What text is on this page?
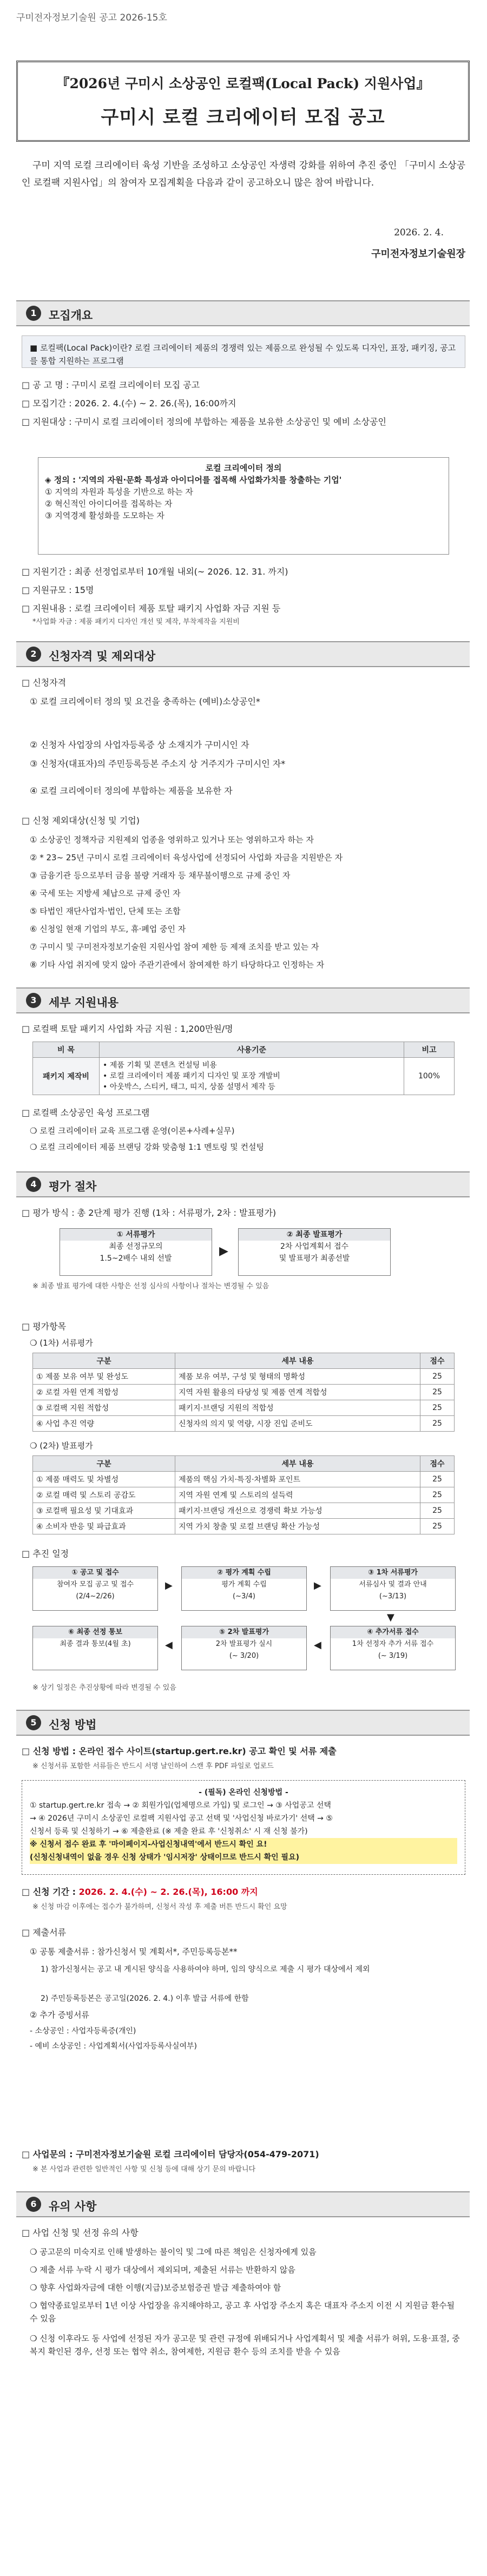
구미전자정보기술원 공고 2026-15호
『2026년 구미시 소상공인 로컬팩(Local Pack) 지원사업』
구미시 로컬 크리에이터 모집 공고
구미 지역 로컬 크리에이터 육성 기반을 조성하고 소상공인 자생력 강화를 위하여 추진 중인 「구미시 소상공인 로컬팩 지원사업」의 참여자 모집계획을 다음과 같이 공고하오니 많은 참여 바랍니다.
2026. 2. 4.
구미전자정보기술원장
1	모집개요
■ 로컬팩(Local Pack)이란? 로컬 크리에이터 제품의 경쟁력 있는 제품으로 완성될 수 있도록 디자인, 표장, 패키징, 공고를 통합 지원하는 프로그램
□ 공 고 명 : 구미시 로컬 크리에이터 모집 공고
□ 모집기간 : 2026. 2. 4.(수) ~ 2. 26.(목), 16:00까지
□ 지원대상 : 구미시 로컬 크리에이터 정의에 부합하는 제품을 보유한 소상공인 및 예비 소상공인
로컬 크리에이터 정의
◈ 정의 : '지역의 자원·문화 특성과 아이디어를 접목해 사업화가치를 창출하는 기업'
① 지역의 자원과 특성을 기반으로 하는 자
② 혁신적인 아이디어를 접목하는 자
③ 지역경제 활성화를 도모하는 자
□ 지원기간 : 최종 선정업로부터 10개월 내외(~ 2026. 12. 31. 까지)
□ 지원규모 : 15명
□ 지원내용 : 로컬 크리에이터 제품 토탈 패키지 사업화 자금 지원 등
*사업화 자금 : 제품 패키지 디자인 개선 및 제작, 부착제작을 지원비
2	신청자격 및 제외대상
□ 신청자격
① 로컬 크리에이터 정의 및 요건을 충족하는 (예비)소상공인*
② 신청자 사업장의 사업자등록증 상 소재지가 구미시인 자
③ 신청자(대표자)의 주민등록등본 주소지 상 거주지가 구미시인 자*
④ 로컬 크리에이터 정의에 부합하는 제품을 보유한 자
□ 신청 제외대상(신청 및 기업)
① 소상공인 정책자금 지원제외 업종을 영위하고 있거나 또는 영위하고자 하는 자
② * 23~ 25년 구미시 로컬 크리에이터 육성사업에 선정되어 사업화 자금을 지원받은 자
③ 금융기관 등으로부터 금융 불량 거래자 등 채무불이행으로 규제 중인 자
④ 국세 또는 지방세 체납으로 규제 중인 자
⑤ 타법인 재단사업자·법인, 단체 또는 조합
⑥ 신청일 현재 기업의 부도, 휴·폐업 중인 자
⑦ 구미시 및 구미전자정보기술원 지원사업 참여 제한 등 제재 조치를 받고 있는 자
⑧ 기타 사업 취지에 맞지 않아 주관기관에서 참여제한 하기 타당하다고 인정하는 자
3	세부 지원내용
□ 로컬팩 토탈 패키지 사업화 자금 지원 : 1,200만원/명
비 목	사용기준	비고
패키지 제작비	• 제품 기획 및 콘텐츠 컨설팅 비용
• 로컬 크리에이터 제품 패키지 디자인 및 포장 개발비
• 아웃박스, 스티커, 태그, 띠지, 상품 설명서 제작 등	100%
□ 로컬팩 소상공인 육성 프로그램
❍ 로컬 크리에이터 교육 프로그램 운영(이론+사례+실무)
❍ 로컬 크리에이터 제품 브랜딩 강화 맞춤형 1:1 멘토링 및 컨설팅
4	평가 절차
□ 평가 방식 : 총 2단계 평가 진행 (1차 : 서류평가, 2차 : 발표평가)
① 서류평가
최종 선정규모의
1.5~2배수 내외 선발
▶
② 최종 발표평가
2차 사업계획서 접수
및 발표평가 최종선발
※ 최종 발표 평가에 대한 사항은 선정 심사의 사항이나 절차는 변경될 수 있음
□ 평가항목
❍ (1차) 서류평가
구분	세부 내용	점수
① 제품 보유 여부 및 완성도	제품 보유 여부, 구성 및 형태의 명확성	25
② 로컬 자원 연계 적합성	지역 자원 활용의 타당성 및 제품 연계 적합성	25
③ 로컬팩 지원 적합성	패키지·브랜딩 지원의 적합성	25
④ 사업 추진 역량	신청자의 의지 및 역량, 시장 진입 준비도	25
❍ (2차) 발표평가
구분	세부 내용	점수
① 제품 매력도 및 차별성	제품의 핵심 가치·특징·차별화 포인트	25
② 로컬 매력 및 스토리 공감도	지역 자원 연계 및 스토리의 설득력	25
③ 로컬팩 필요성 및 기대효과	패키지·브랜딩 개선으로 경쟁력 확보 가능성	25
④ 소비자 반응 및 파급효과	지역 가치 창출 및 로컬 브랜딩 확산 가능성	25
□ 추진 일정
① 공고 및 접수
참여자 모집 공고 및 접수
(2/4~2/26)
▶
② 평가 계획 수립
평가 계획 수립
(~3/4)
▶
③ 1차 서류평가
서류심사 및 결과 안내
(~3/13)
▼
⑥ 최종 선정 통보
최종 결과 통보(4월 초)	◀
⑤ 2차 발표평가
2차 발표평가 실시
(~ 3/20)
◀
④ 추가서류 접수
1차 선정자 추가 서류 접수
(~ 3/19)
※ 상기 일정은 추진상황에 따라 변경될 수 있음
5	신청 방법
□ 신청 방법 : 온라인 접수 사이트(startup.gert.re.kr) 공고 확인 및 서류 제출
※ 신청서류 포함한 서류들은 반드시 서명 날인하여 스캔 후 PDF 파일로 업로드
- (필독) 온라인 신청방법 -
① startup.gert.re.kr 접속 → ② 회원가입(업체명으로 가입) 및 로그인 → ③ 사업공고 선택
→ ④ 2026년 구미시 소상공인 로컬팩 지원사업 공고 선택 및 '사업신청 바로가기' 선택 → ⑤
신청서 등록 및 신청하기 → ⑥ 제출완료 (※ 제출 완료 후 '신청취소' 시 재 신청 불가)
※ 신청서 접수 완료 후 '마이페이지-사업신청내역'에서 반드시 확인 요!
(신청신청내역이 없을 경우 신청 상태가 '임시저장' 상태이므로 반드시 확인 필요)
□ 신청 기간 : 2026. 2. 4.(수) ~ 2. 26.(목), 16:00 까지
※ 신청 마감 이후에는 접수가 불가하며, 신청서 작성 후 제출 버튼 반드시 확인 요망
□ 제출서류
① 공통 제출서류 : 참가신청서 및 계획서*, 주민등록등본**
1) 참가신청서는 공고 내 게시된 양식을 사용하여야 하며, 임의 양식으로 제출 시 평가 대상에서 제외
2) 주민등록등본은 공고일(2026. 2. 4.) 이후 발급 서류에 한함
② 추가 증빙서류
- 소상공인 : 사업자등록증(개인)
- 예비 소상공인 : 사업계획서(사업자등록사실여부)
□ 사업문의 : 구미전자정보기술원 로컬 크리에이터 담당자(054-479-2071)
※ 본 사업과 관련한 일반적인 사항 및 신청 등에 대해 상기 문의 바랍니다
6	유의 사항
□ 사업 신청 및 선정 유의 사항
❍ 공고문의 미숙지로 인해 발생하는 불이익 및 그에 따른 책임은 신청자에게 있음
❍ 제출 서류 누락 시 평가 대상에서 제외되며, 제출된 서류는 반환하지 않음
❍ 향후 사업화자금에 대한 이행(지급)보증보험증권 발급 제출하여야 함
❍ 협약종료일로부터 1년 이상 사업장을 유지해야하고, 공고 후 사업장 주소지 혹은 대표자 주소지 이전 시 지원금 환수될 수 있음
❍ 신청 이후라도 동 사업에 선정된 자가 공고문 및 관련 규정에 위배되거나 사업계획서 및 제출 서류가 허위, 도용·표절, 중복지 확인된 경우, 선정 또는 협약 취소, 참여제한, 지원금 환수 등의 조치를 받을 수 있음
